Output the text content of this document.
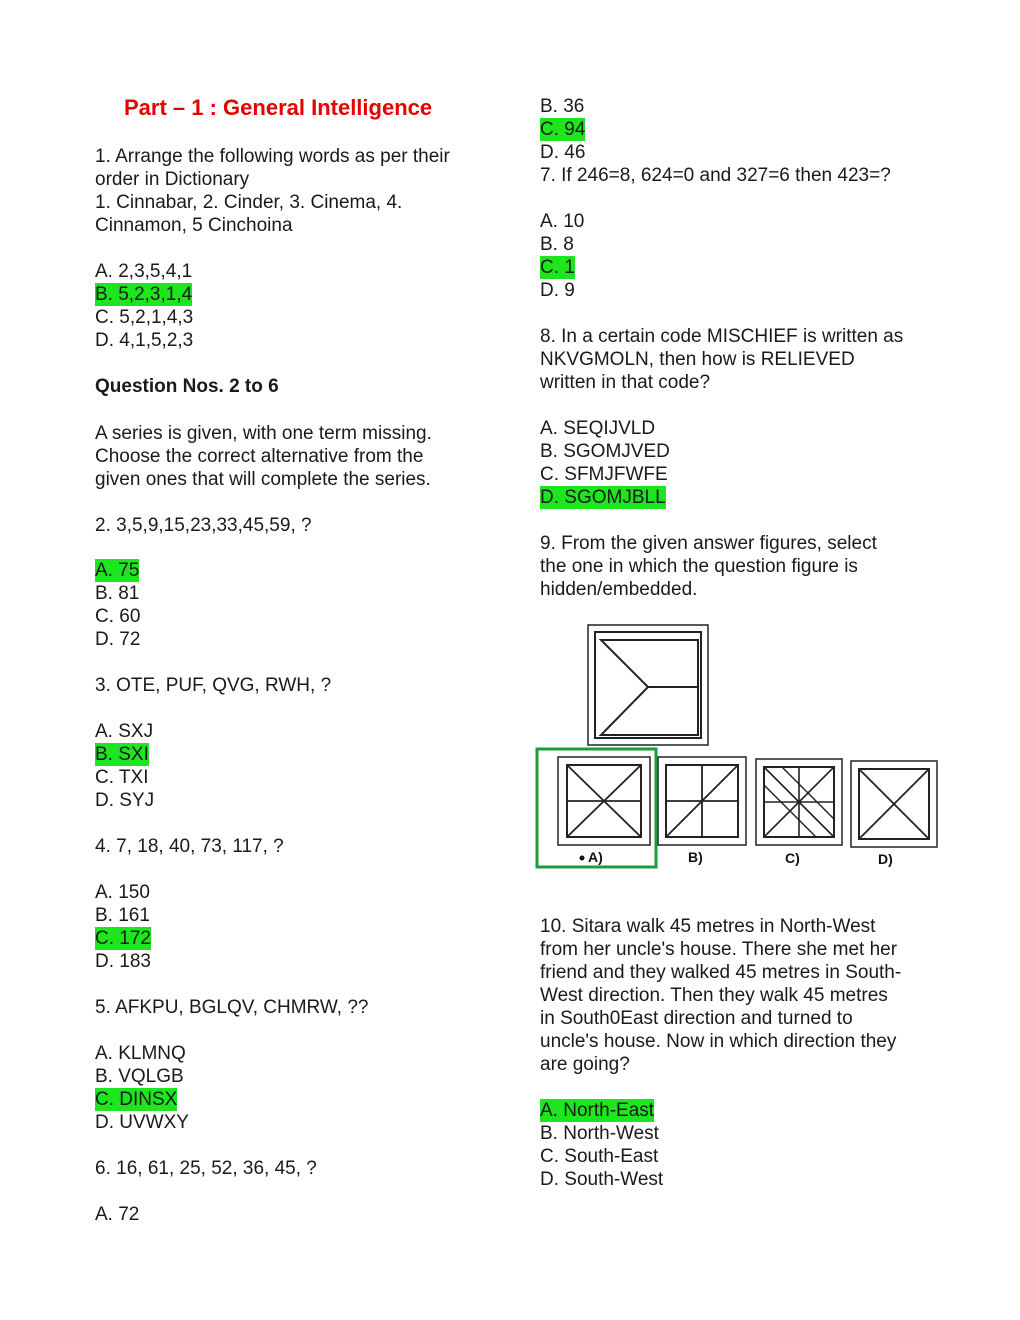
Part – 1 : General Intelligence
1. Arrange the following words as per their
order in Dictionary
1. Cinnabar, 2. Cinder, 3. Cinema, 4.
Cinnamon, 5 Cinchoina
A. 2,3,5,4,1
B. 5,2,3,1,4
C. 5,2,1,4,3
D. 4,1,5,2,3
Question Nos. 2 to 6
A series is given, with one term missing.
Choose the correct alternative from the
given ones that will complete the series.
2. 3,5,9,15,23,33,45,59, ?
A. 75
B. 81
C. 60
D. 72
3. OTE, PUF, QVG, RWH, ?
A. SXJ
B. SXI
C. TXI
D. SYJ
4. 7, 18, 40, 73, 117, ?
A. 150
B. 161
C. 172
D. 183
5. AFKPU, BGLQV, CHMRW, ??
A. KLMNQ
B. VQLGB
C. DINSX
D. UVWXY
6. 16, 61, 25, 52, 36, 45, ?
A. 72
B. 36
C. 94
D. 46
7. If 246=8, 624=0 and 327=6 then 423=?
A. 10
B. 8
C. 1
D. 9
8. In a certain code MISCHIEF is written as
NKVGMOLN, then how is RELIEVED
written in that code?
A. SEQIJVLD
B. SGOMJVED
C. SFMJFWFE
D. SGOMJBLL
9. From the given answer figures, select
the one in which the question figure is
hidden/embedded.
10. Sitara walk 45 metres in North-West
from her uncle's house. There she met her
friend and they walked 45 metres in South-
West direction. Then they walk 45 metres
in South0East direction and turned to
uncle's house. Now in which direction they
are going?
A. North-East
B. North-West
C. South-East
D. South-West
A)	B)	C)	D)
